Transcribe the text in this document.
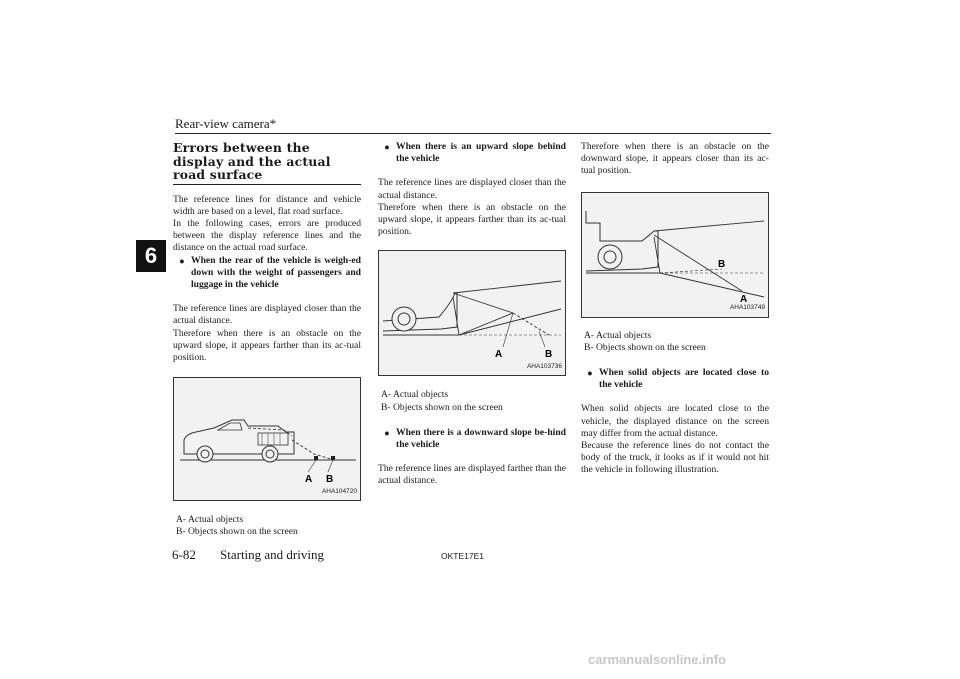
Rear-view camera*
6
Errors between the display and the actual road surface

The reference lines for distance and vehicle width are based on a level, flat road surface.

In the following cases, errors are produced between the display reference lines and the distance on the actual road surface.

● When the rear of the vehicle is weigh-ed down with the weight of passengers and luggage in the vehicle

The reference lines are displayed closer than the actual distance.

Therefore when there is an obstacle on the upward slope, it appears farther than its ac-tual position.

A B
AHA104720

A- Actual objects

B- Objects shown on the screen

● When there is an upward slope behind the vehicle

The reference lines are displayed closer than the actual distance.

Therefore when there is an obstacle on the upward slope, it appears farther than its ac-tual position.

A	B
AHA103736

A- Actual objects

B- Objects shown on the screen

● When there is a downward slope be-hind the vehicle

The reference lines are displayed farther than the actual distance.

Therefore when there is an obstacle on the downward slope, it appears closer than its ac-tual position.

B
A
AHA103749

A- Actual objects

B- Objects shown on the screen

● When solid objects are located close to the vehicle

When solid objects are located close to the vehicle, the displayed distance on the screen may differ from the actual distance.

Because the reference lines do not contact the body of the truck, it looks as if it would not hit the vehicle in following illustration.

6-82 Starting and driving	OKTE17E1
carmanualsonline.info
